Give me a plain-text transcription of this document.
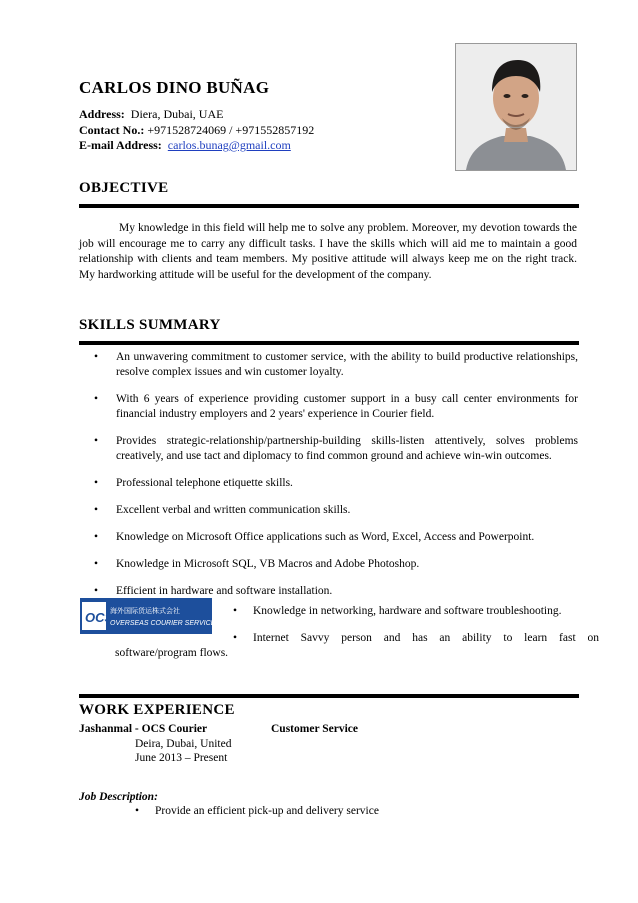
CARLOS DINO BUÑAG
Address: Diera, Dubai, UAE
Contact No.: +971528724069 / +971552857192
E-mail Address: carlos.bunag@gmail.com
OBJECTIVE

My knowledge in this field will help me to solve any problem. Moreover, my devotion towards the job will encourage me to carry any difficult tasks. I have the skills which will aid me to maintain a good relationship with clients and team members. My positive attitude will always keep me on the right track. My hardworking attitude will be useful for the development of the company.

SKILLS SUMMARY
• An unwavering commitment to customer service, with the ability to build productive relationships, resolve complex issues and win customer loyalty.
• With 6 years of experience providing customer support in a busy call center environments for financial industry employers and 2 years' experience in Courier field.
• Provides strategic-relationship/partnership-building skills-listen attentively, solves problems creatively, and use tact and diplomacy to find common ground and achieve win-win outcomes.
• Professional telephone etiquette skills.
• Excellent verbal and written communication skills.
• Knowledge on Microsoft Office applications such as Word, Excel, Access and Powerpoint.
• Knowledge in Microsoft SQL, VB Macros and Adobe Photoshop.
• Efficient in hardware and software installation.
OCS
海外国际货运株式会社
OVERSEAS COURIER SERVICE
• Knowledge in networking, hardware and software troubleshooting.
• Internet Savvy person and has an ability to learn fast on
software/program flows.
WORK EXPERIENCE
Jashanmal - OCS Courier	Customer Service
Deira, Dubai, United
June 2013 – Present
Job Description:
• Provide an efficient pick-up and delivery service
